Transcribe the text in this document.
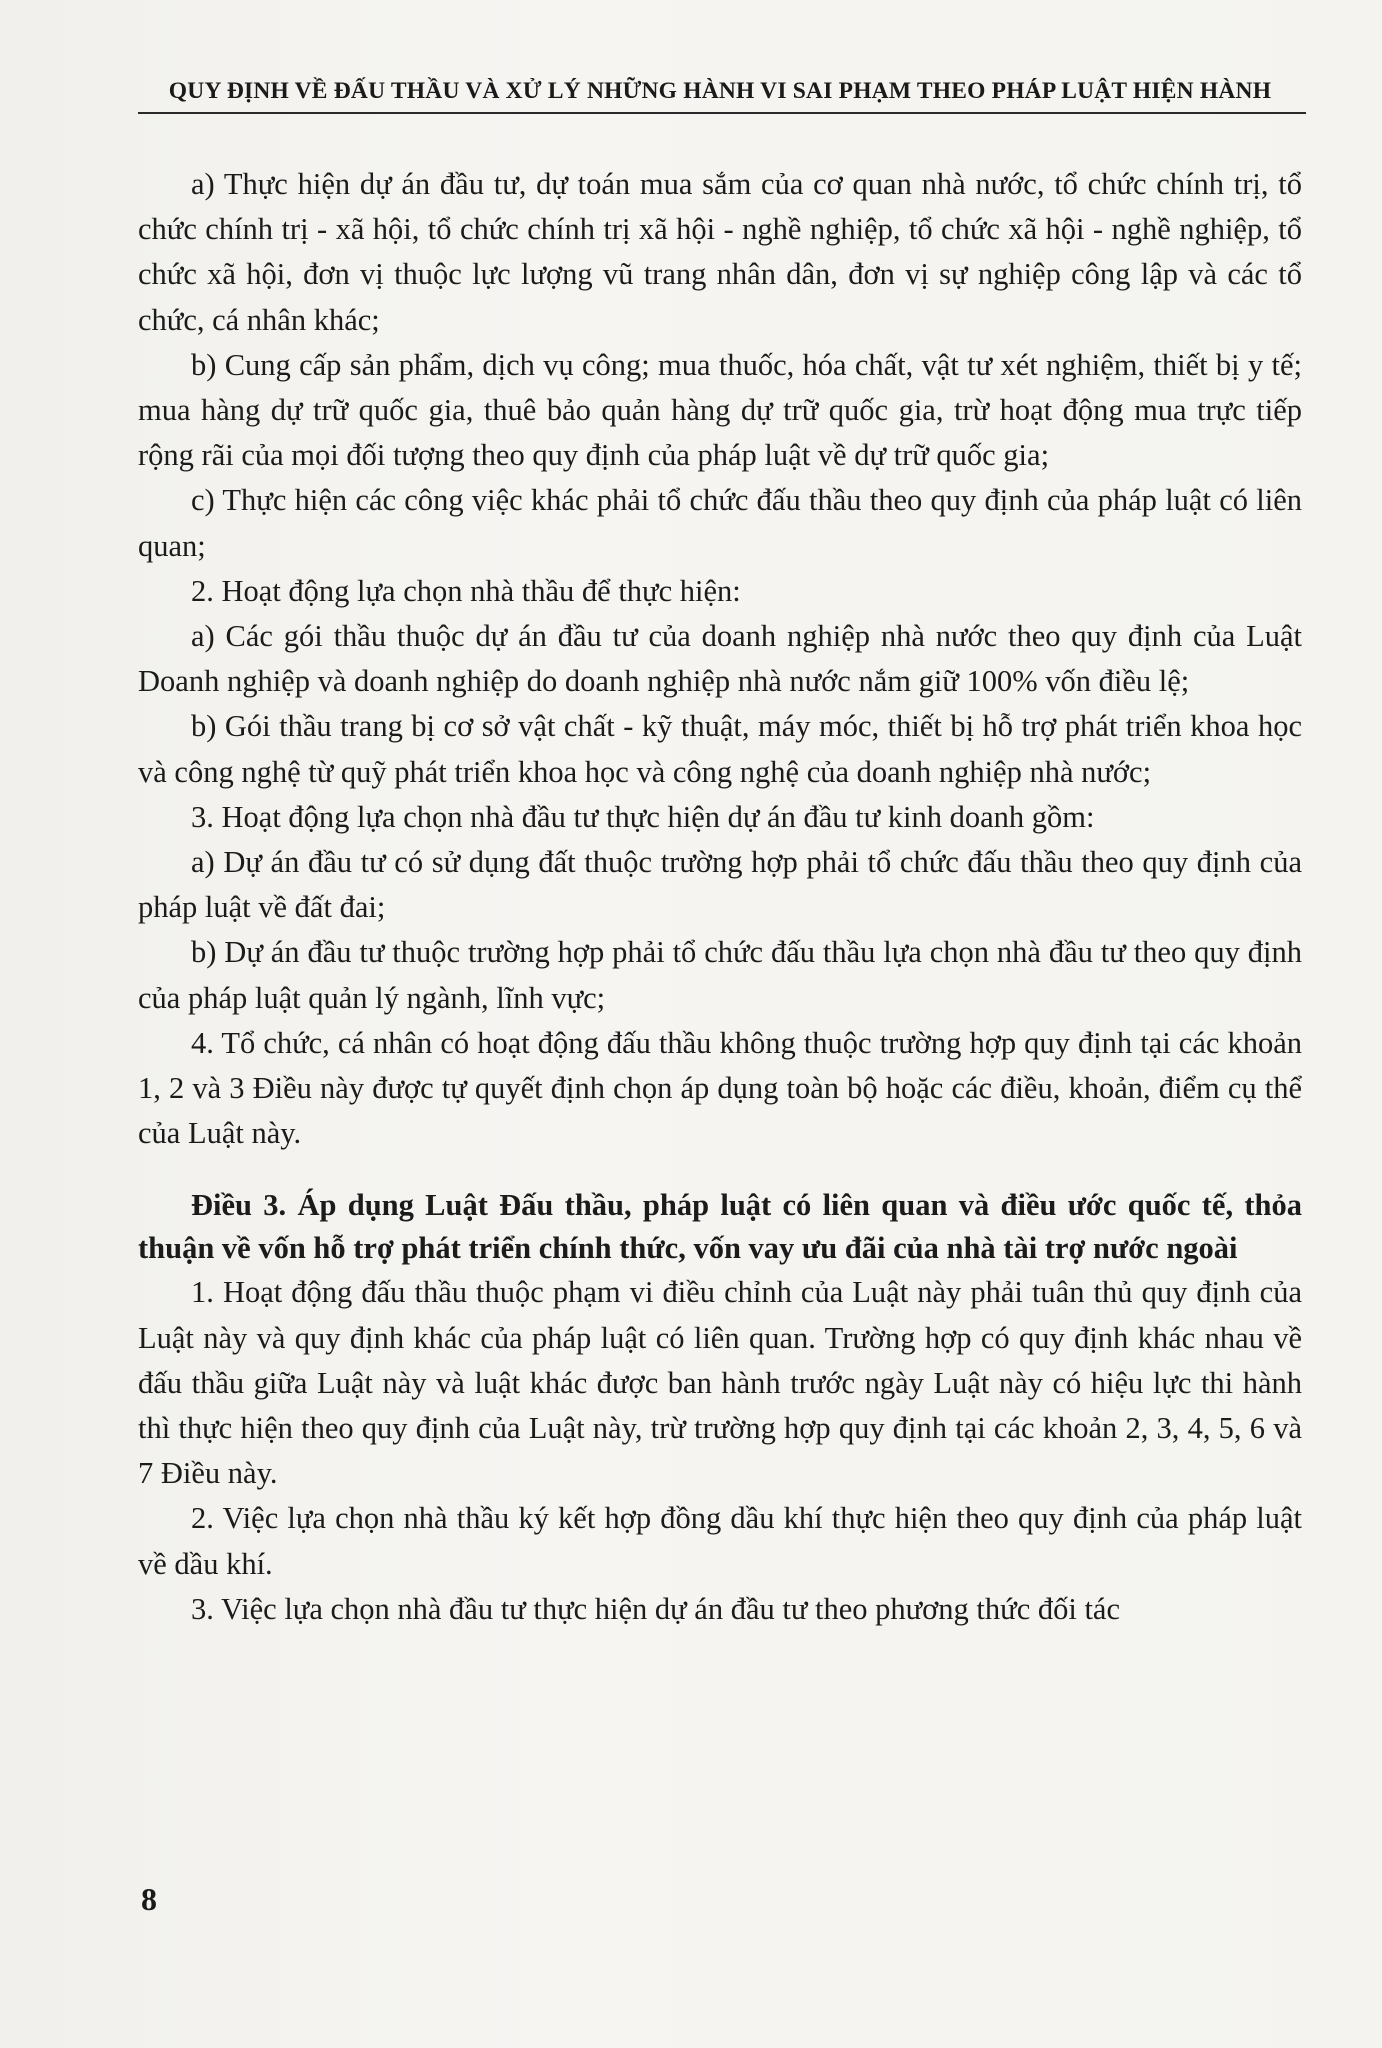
QUY ĐỊNH VỀ ĐẤU THẦU VÀ XỬ LÝ NHỮNG HÀNH VI SAI PHẠM THEO PHÁP LUẬT HIỆN HÀNH

a) Thực hiện dự án đầu tư, dự toán mua sắm của cơ quan nhà nước, tổ chức chính trị, tổ chức chính trị - xã hội, tổ chức chính trị xã hội - nghề nghiệp, tổ chức xã hội - nghề nghiệp, tổ chức xã hội, đơn vị thuộc lực lượng vũ trang nhân dân, đơn vị sự nghiệp công lập và các tổ chức, cá nhân khác;

b) Cung cấp sản phẩm, dịch vụ công; mua thuốc, hóa chất, vật tư xét nghiệm, thiết bị y tế; mua hàng dự trữ quốc gia, thuê bảo quản hàng dự trữ quốc gia, trừ hoạt động mua trực tiếp rộng rãi của mọi đối tượng theo quy định của pháp luật về dự trữ quốc gia;

c) Thực hiện các công việc khác phải tổ chức đấu thầu theo quy định của pháp luật có liên quan;

2. Hoạt động lựa chọn nhà thầu để thực hiện:

a) Các gói thầu thuộc dự án đầu tư của doanh nghiệp nhà nước theo quy định của Luật Doanh nghiệp và doanh nghiệp do doanh nghiệp nhà nước nắm giữ 100% vốn điều lệ;

b) Gói thầu trang bị cơ sở vật chất - kỹ thuật, máy móc, thiết bị hỗ trợ phát triển khoa học và công nghệ từ quỹ phát triển khoa học và công nghệ của doanh nghiệp nhà nước;

3. Hoạt động lựa chọn nhà đầu tư thực hiện dự án đầu tư kinh doanh gồm:

a) Dự án đầu tư có sử dụng đất thuộc trường hợp phải tổ chức đấu thầu theo quy định của pháp luật về đất đai;

b) Dự án đầu tư thuộc trường hợp phải tổ chức đấu thầu lựa chọn nhà đầu tư theo quy định của pháp luật quản lý ngành, lĩnh vực;

4. Tổ chức, cá nhân có hoạt động đấu thầu không thuộc trường hợp quy định tại các khoản 1, 2 và 3 Điều này được tự quyết định chọn áp dụng toàn bộ hoặc các điều, khoản, điểm cụ thể của Luật này.

Điều 3. Áp dụng Luật Đấu thầu, pháp luật có liên quan và điều ước quốc tế, thỏa thuận về vốn hỗ trợ phát triển chính thức, vốn vay ưu đãi của nhà tài trợ nước ngoài

1. Hoạt động đấu thầu thuộc phạm vi điều chỉnh của Luật này phải tuân thủ quy định của Luật này và quy định khác của pháp luật có liên quan. Trường hợp có quy định khác nhau về đấu thầu giữa Luật này và luật khác được ban hành trước ngày Luật này có hiệu lực thi hành thì thực hiện theo quy định của Luật này, trừ trường hợp quy định tại các khoản 2, 3, 4, 5, 6 và 7 Điều này.

2. Việc lựa chọn nhà thầu ký kết hợp đồng dầu khí thực hiện theo quy định của pháp luật về dầu khí.

3. Việc lựa chọn nhà đầu tư thực hiện dự án đầu tư theo phương thức đối tác

8
